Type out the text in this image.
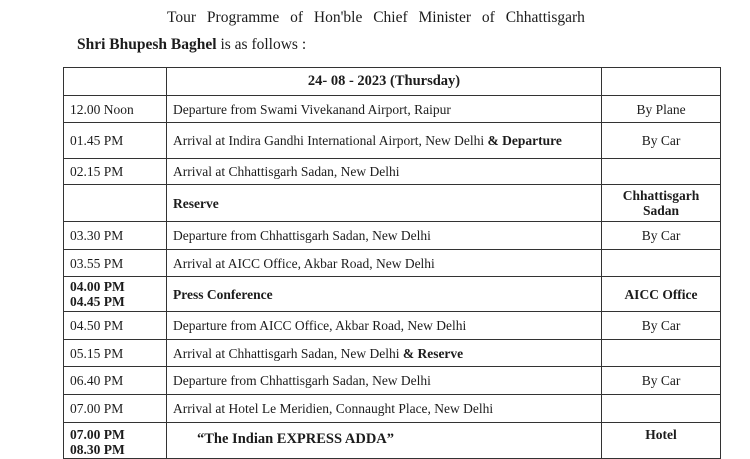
Tour Programme of Hon'ble Chief Minister of Chhattisgarh
Shri Bhupesh Baghel is as follows :
	24- 08 - 2023 (Thursday)	
12.00 Noon	Departure from Swami Vivekanand Airport, Raipur	By Plane
01.45 PM	Arrival at Indira Gandhi International Airport, New Delhi & Departure	By Car
02.15 PM	Arrival at Chhattisgarh Sadan, New Delhi	
	Reserve	Chhattisgarh Sadan
03.30 PM	Departure from Chhattisgarh Sadan, New Delhi	By Car
03.55 PM	Arrival at AICC Office, Akbar Road, New Delhi	

04.00 PM
04.45 PM	Press Conference	AICC Office
04.50 PM	Departure from AICC Office, Akbar Road, New Delhi	By Car
05.15 PM	Arrival at Chhattisgarh Sadan, New Delhi & Reserve	
06.40 PM	Departure from Chhattisgarh Sadan, New Delhi	By Car
07.00 PM	Arrival at Hotel Le Meridien, Connaught Place, New Delhi	

07.00 PM
08.30 PM	“The Indian EXPRESS ADDA”	Hotel
